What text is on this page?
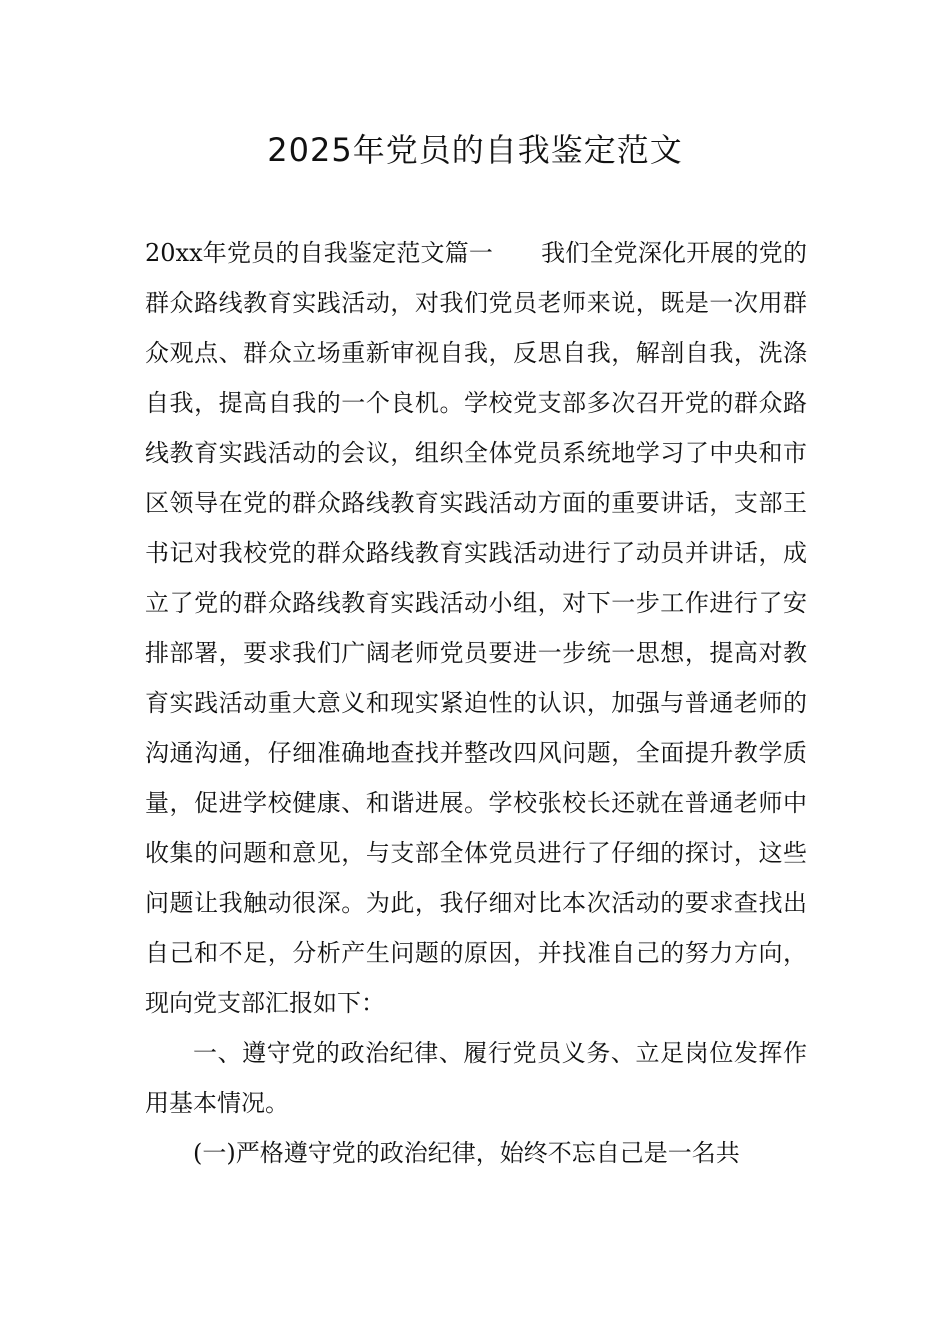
2025年党员的自我鉴定范文

20xx年党员的自我鉴定范文篇一 我们全党深化开展的党的群众路线教育实践活动，对我们党员老师来说，既是一次用群众观点、群众立场重新审视自我，反思自我，解剖自我，洗涤自我，提高自我的一个良机。学校党支部多次召开党的群众路线教育实践活动的会议，组织全体党员系统地学习了中央和市区领导在党的群众路线教育实践活动方面的重要讲话，支部王书记对我校党的群众路线教育实践活动进行了动员并讲话，成立了党的群众路线教育实践活动小组，对下一步工作进行了安排部署，要求我们广阔老师党员要进一步统一思想，提高对教育实践活动重大意义和现实紧迫性的认识，加强与普通老师的沟通沟通，仔细准确地查找并整改四风问题，全面提升教学质量，促进学校健康、和谐进展。学校张校长还就在普通老师中收集的问题和意见，与支部全体党员进行了仔细的探讨，这些问题让我触动很深。为此，我仔细对比本次活动的要求查找出自己和不足，分析产生问题的原因，并找准自己的努力方向，现向党支部汇报如下：

一、遵守党的政治纪律、履行党员义务、立足岗位发挥作用基本情况。

(一)严格遵守党的政治纪律，始终不忘自己是一名共
